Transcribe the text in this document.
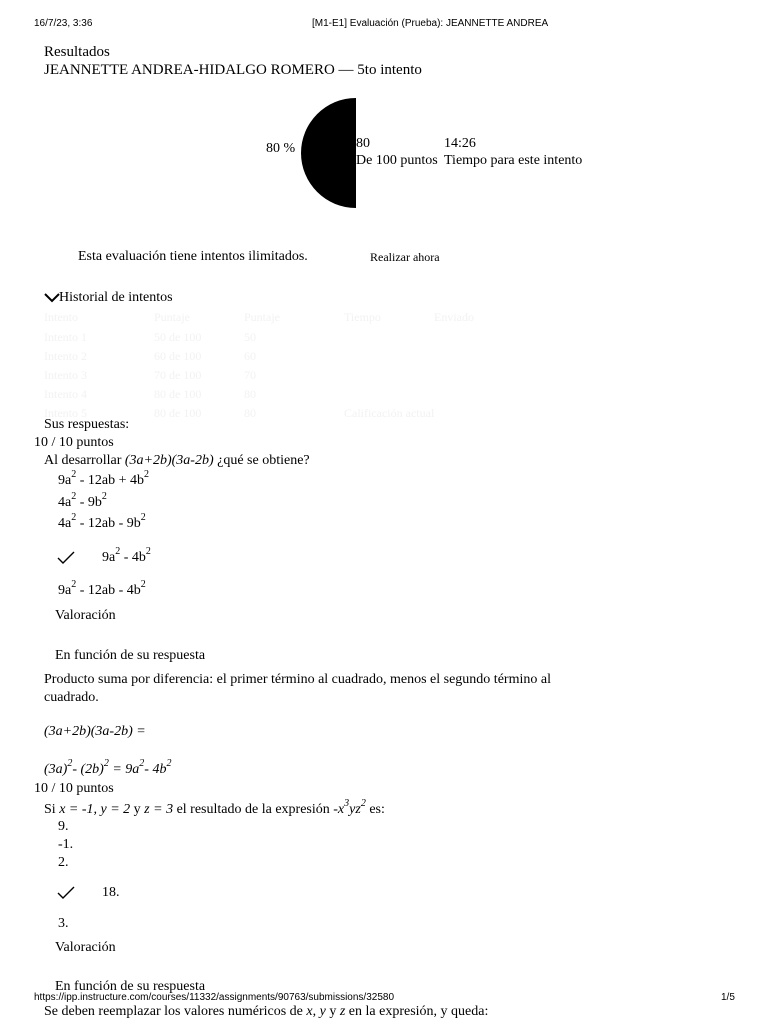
16/7/23, 3:36	[M1-E1] Evaluación (Prueba): JEANNETTE ANDREA
https://ipp.instructure.com/courses/11332/assignments/90763/submissions/32580	1/5
Resultados
JEANNETTE ANDREA-HIDALGO ROMERO — 5to intento
80 %	80
De 100 puntos
14:26
Tiempo para este intento
Esta evaluación tiene intentos ilimitados.	Realizar ahora
Historial de intentos
Intento	Puntaje	Puntaje	Tiempo	Enviado
Intento 1	50 de 100	50
Intento 2	60 de 100	60
Intento 3	70 de 100	70
Intento 4	80 de 100	80
Intento 5	80 de 100	80	Calificación actual
Sus respuestas:
10 / 10 puntos
Al desarrollar (3a+2b)(3a-2b) ¿qué se obtiene?
$9a^2 - 12ab + 4b^2$
$4a^2 - 9b^2$
$4a^2 - 12ab - 9b^2$
$9a^2 - 4b^2$
$9a^2 - 12ab - 4b^2$
Valoración
En función de su respuesta
Producto suma por diferencia: el primer término al cuadrado, menos el segundo término al
cuadrado.
(3a+2b)(3a-2b) =
$(3a)^2-$ $(2b)^2 = 9a^2-$ $4b^2$
10 / 10 puntos
Si x = -1, y = 2 y z = 3 el resultado de la expresión $-x^3yz^2$ es:
9.
-1.
2.
18.
3.
Valoración
En función de su respuesta
Se deben reemplazar los valores numéricos de x, y y z en la expresión, y queda:
